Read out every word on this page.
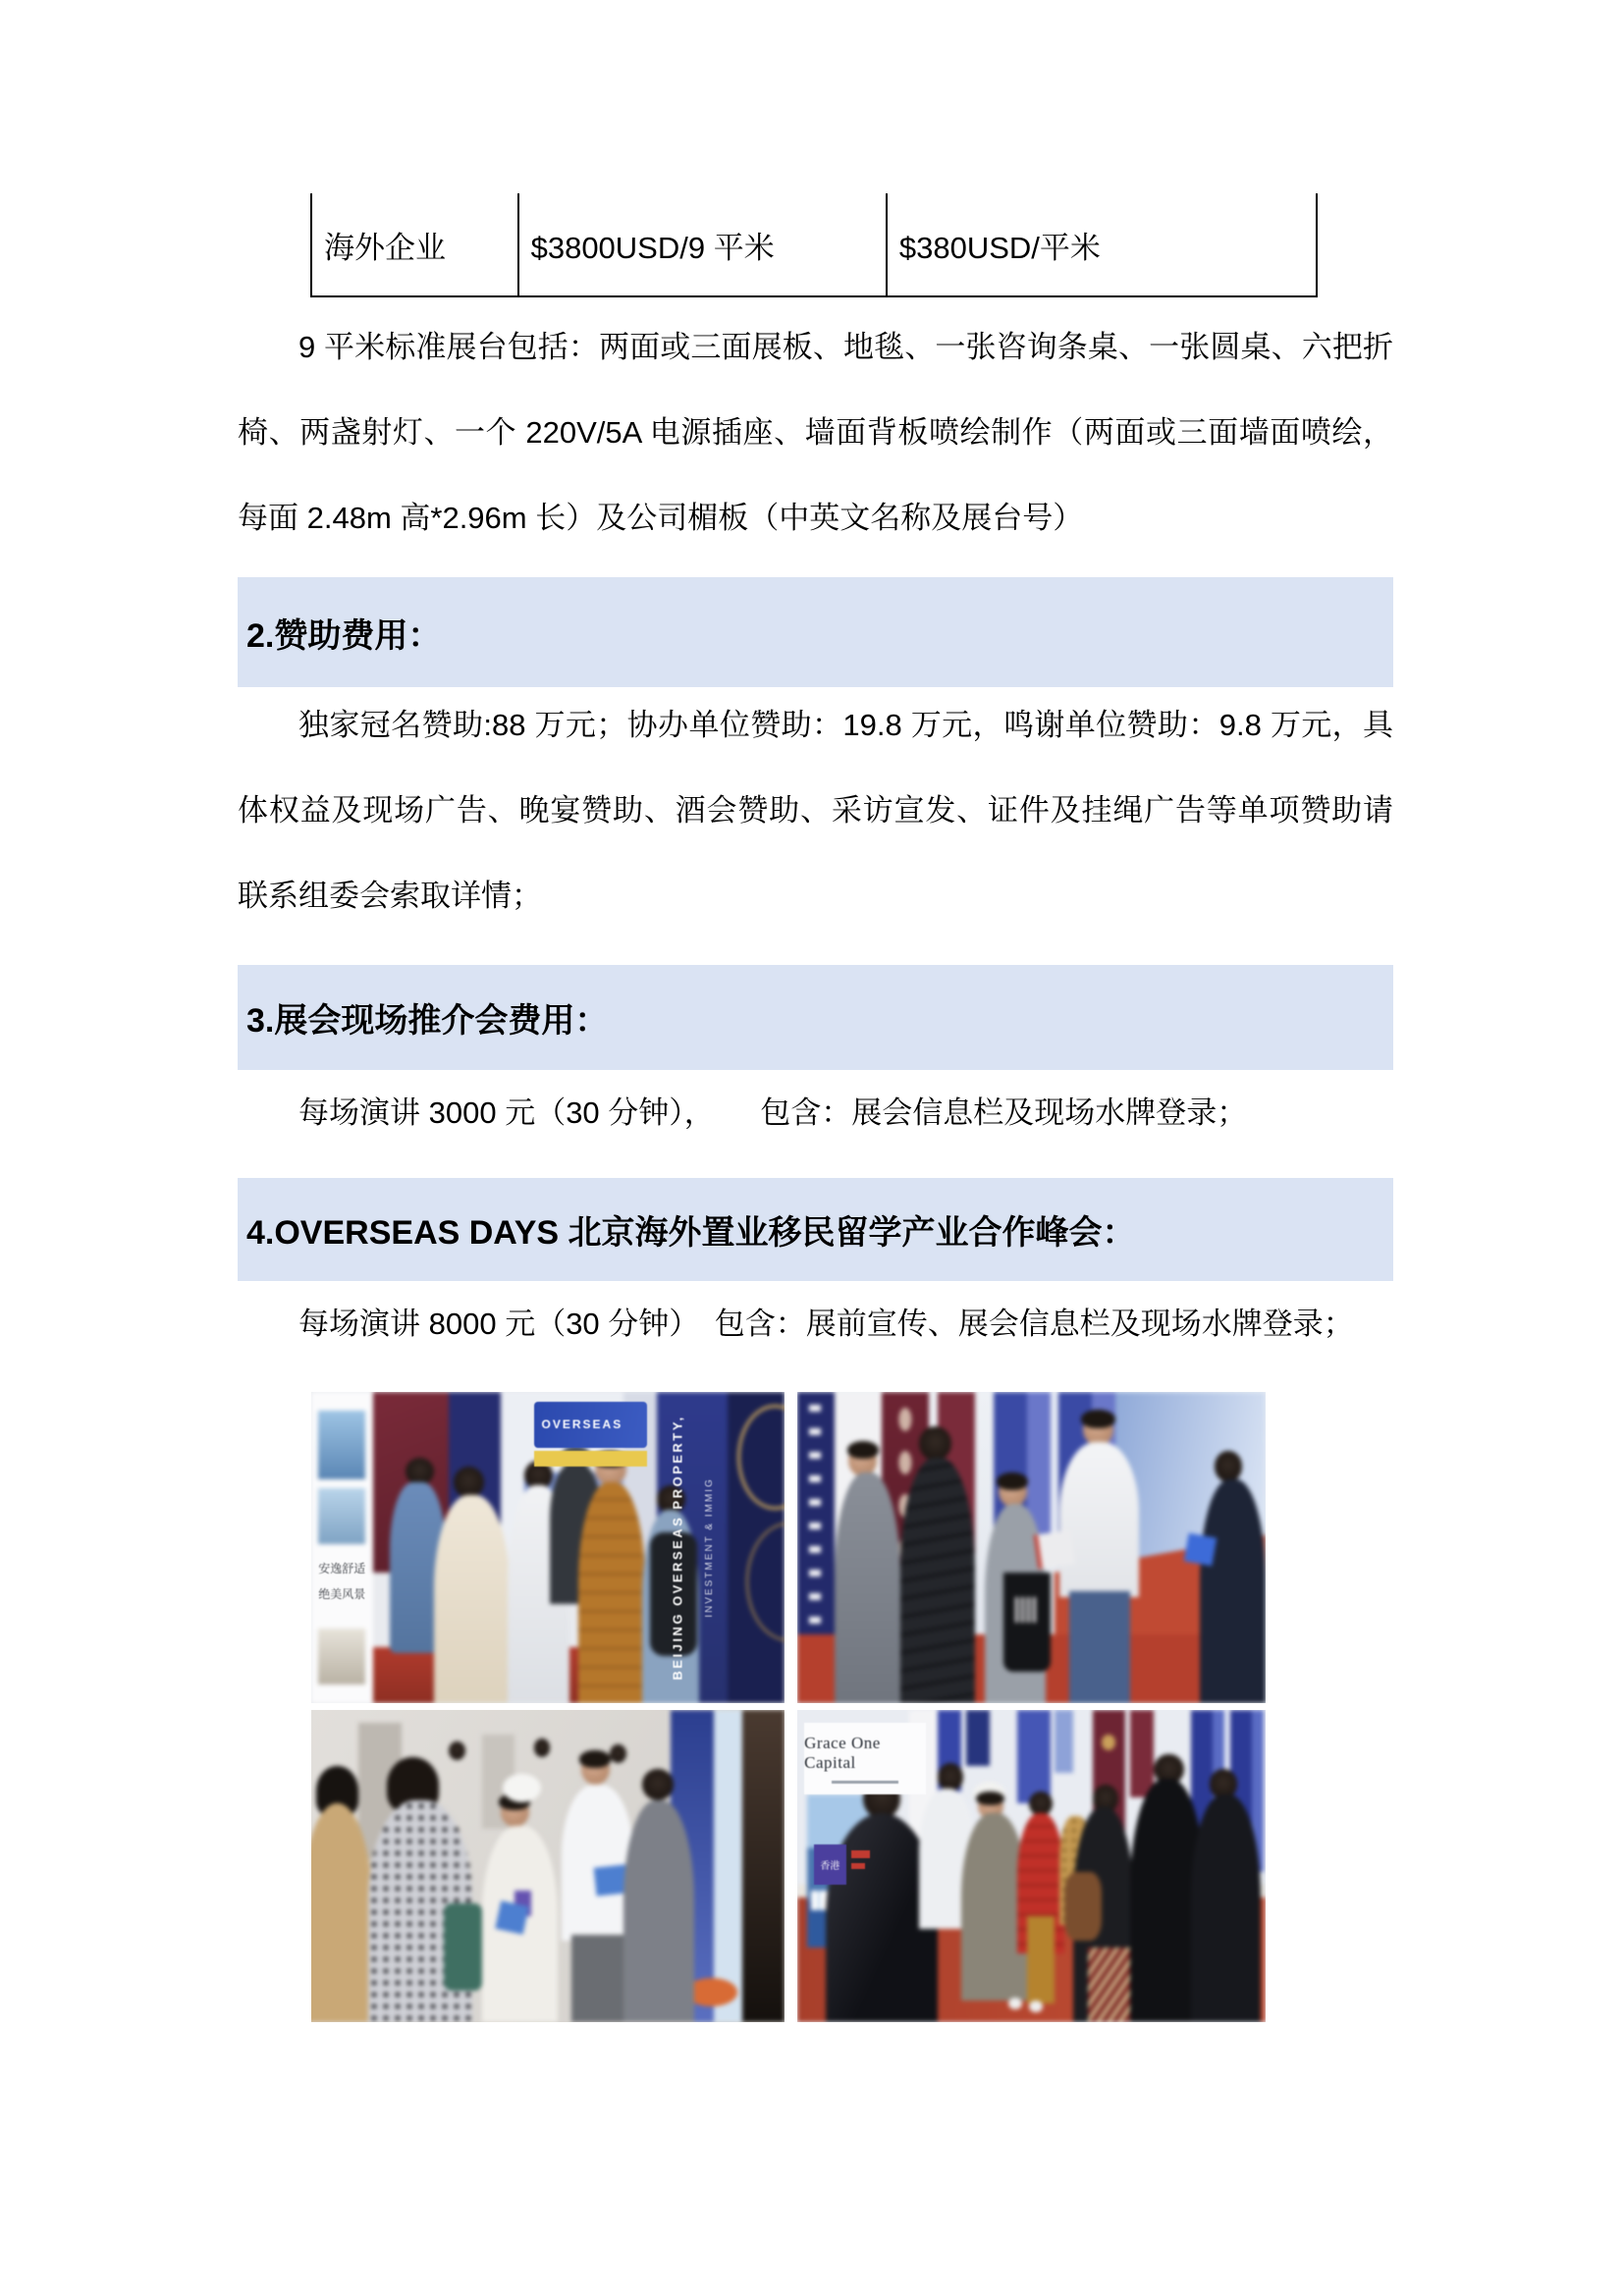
海外企业	$3800USD/9 平米	$380USD/平米
9 平米标准展台包括：两面或三面展板、地毯、一张咨询条桌、一张圆桌、六把折椅、两盏射灯、一个 220V/5A 电源插座、墙面背板喷绘制作（两面或三面墙面喷绘，每面 2.48m 高*2.96m 长）及公司楣板（中英文名称及展台号）
2.赞助费用：
独家冠名赞助:88 万元；协办单位赞助：19.8 万元，鸣谢单位赞助：9.8 万元，具体权益及现场广告、晚宴赞助、酒会赞助、采访宣发、证件及挂绳广告等单项赞助请联系组委会索取详情；
3.展会现场推介会费用：
每场演讲 3000 元（30 分钟），　　包含：展会信息栏及现场水牌登录；
4.OVERSEAS DAYS 北京海外置业移民留学产业合作峰会：
每场演讲 8000 元（30 分钟）　包含：展前宣传、展会信息栏及现场水牌登录；
OVERSEAS
安逸舒适
绝美风景	BEIJING OVERSEAS PROPERTY, INVESTMENT & IMMIG
Grace One Capital
香港
